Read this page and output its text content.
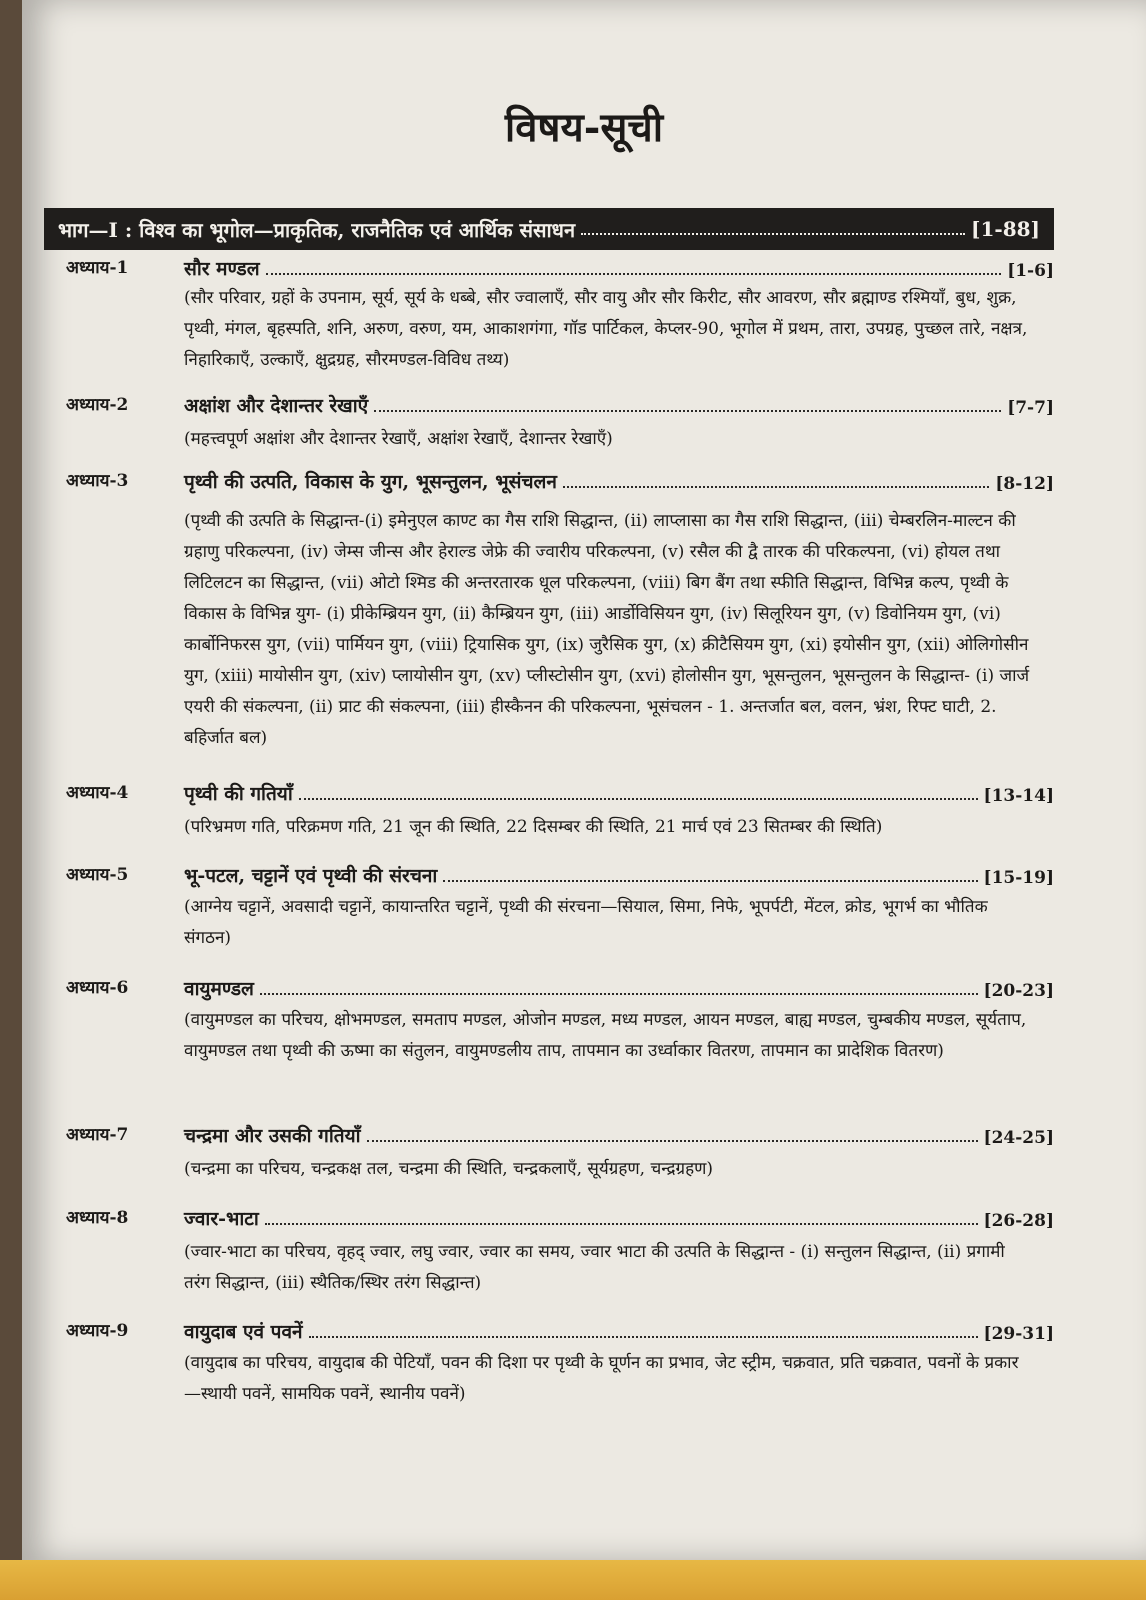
विषय-सूची
भाग—I : विश्व का भूगोल—प्राकृतिक, राजनैतिक एवं आर्थिक संसाधन	[1-88]
अध्याय-1	सौर मण्डल	[1-6]
(सौर परिवार, ग्रहों के उपनाम, सूर्य, सूर्य के धब्बे, सौर ज्वालाएँ, सौर वायु और सौर किरीट, सौर आवरण, सौर ब्रह्माण्ड रश्मियाँ, बुध, शुक्र, पृथ्वी, मंगल, बृहस्पति, शनि, अरुण, वरुण, यम, आकाशगंगा, गॉड पार्टिकल, केप्लर-90, भूगोल में प्रथम, तारा, उपग्रह, पुच्छल तारे, नक्षत्र, निहारिकाएँ, उल्काएँ, क्षुद्रग्रह, सौरमण्डल-विविध तथ्य)
अध्याय-2	अक्षांश और देशान्तर रेखाएँ	[7-7]
(महत्त्वपूर्ण अक्षांश और देशान्तर रेखाएँ, अक्षांश रेखाएँ, देशान्तर रेखाएँ)
अध्याय-3	पृथ्वी की उत्पति, विकास के युग, भूसन्तुलन, भूसंचलन	[8-12]
(पृथ्वी की उत्पति के सिद्धान्त-(i) इमेनुएल काण्ट का गैस राशि सिद्धान्त, (ii) लाप्लासा का गैस राशि सिद्धान्त, (iii) चेम्बरलिन-माल्टन की ग्रहाणु परिकल्पना, (iv) जेम्स जीन्स और हेराल्ड जेफ्रे की ज्वारीय परिकल्पना, (v) रसैल की द्वै तारक की परिकल्पना, (vi) होयल तथा लिटिलटन का सिद्धान्त, (vii) ओटो श्मिड की अन्तरतारक धूल परिकल्पना, (viii) बिग बैंग तथा स्फीति सिद्धान्त, विभिन्न कल्प, पृथ्वी के विकास के विभिन्न युग- (i) प्रीकेम्ब्रियन युग, (ii) कैम्ब्रियन युग, (iii) आर्डोविसियन युग, (iv) सिलूरियन युग, (v) डिवोनियम युग, (vi) कार्बोनिफरस युग, (vii) पार्मियन युग, (viii) ट्रियासिक युग, (ix) जुरैसिक युग, (x) क्रीटैसियम युग, (xi) इयोसीन युग, (xii) ओलिगोसीन युग, (xiii) मायोसीन युग, (xiv) प्लायोसीन युग, (xv) प्लीस्टोसीन युग, (xvi) होलोसीन युग, भूसन्तुलन, भूसन्तुलन के सिद्धान्त- (i) जार्ज एयरी की संकल्पना, (ii) प्राट की संकल्पना, (iii) हीस्कैनन की परिकल्पना, भूसंचलन - 1. अन्तर्जात बल, वलन, भ्रंश, रिफ्ट घाटी, 2. बहिर्जात बल)
अध्याय-4	पृथ्वी की गतियाँ	[13-14]
(परिभ्रमण गति, परिक्रमण गति, 21 जून की स्थिति, 22 दिसम्बर की स्थिति, 21 मार्च एवं 23 सितम्बर की स्थिति)
अध्याय-5	भू-पटल, चट्टानें एवं पृथ्वी की संरचना	[15-19]
(आग्नेय चट्टानें, अवसादी चट्टानें, कायान्तरित चट्टानें, पृथ्वी की संरचना—सियाल, सिमा, निफे, भूपर्पटी, मेंटल, क्रोड, भूगर्भ का भौतिक संगठन)
अध्याय-6	वायुमण्डल	[20-23]
(वायुमण्डल का परिचय, क्षोभमण्डल, समताप मण्डल, ओजोन मण्डल, मध्य मण्डल, आयन मण्डल, बाह्य मण्डल, चुम्बकीय मण्डल, सूर्यताप, वायुमण्डल तथा पृथ्वी की ऊष्मा का संतुलन, वायुमण्डलीय ताप, तापमान का उर्ध्वाकार वितरण, तापमान का प्रादेशिक वितरण)
अध्याय-7	चन्द्रमा और उसकी गतियाँ	[24-25]
(चन्द्रमा का परिचय, चन्द्रकक्ष तल, चन्द्रमा की स्थिति, चन्द्रकलाएँ, सूर्यग्रहण, चन्द्रग्रहण)
अध्याय-8	ज्वार-भाटा	[26-28]
(ज्वार-भाटा का परिचय, वृहद् ज्वार, लघु ज्वार, ज्वार का समय, ज्वार भाटा की उत्पति के सिद्धान्त - (i) सन्तुलन सिद्धान्त, (ii) प्रगामी तरंग सिद्धान्त, (iii) स्थैतिक/स्थिर तरंग सिद्धान्त)
अध्याय-9	वायुदाब एवं पवनें	[29-31]
(वायुदाब का परिचय, वायुदाब की पेटियाँ, पवन की दिशा पर पृथ्वी के घूर्णन का प्रभाव, जेट स्ट्रीम, चक्रवात, प्रति चक्रवात, पवनों के प्रकार—स्थायी पवनें, सामयिक पवनें, स्थानीय पवनें)
